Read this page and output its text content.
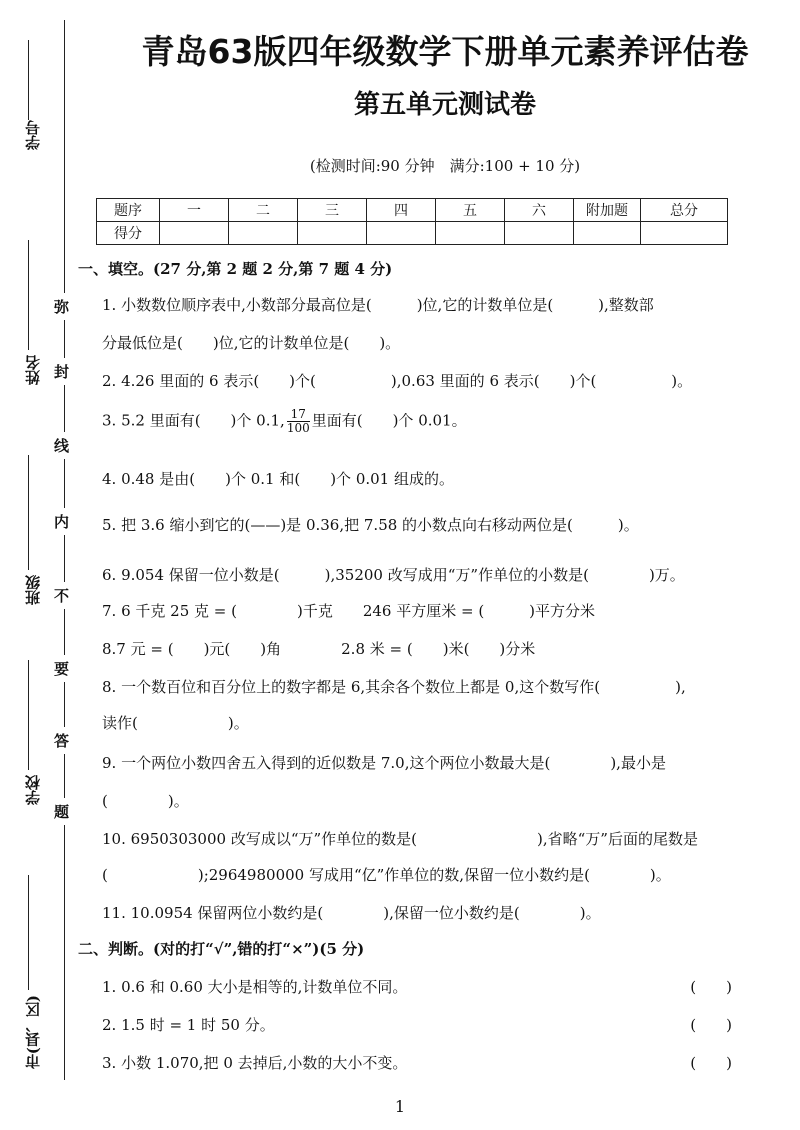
学号
姓名
班级
学校
市(县、区)
弥
封
线
内
不
要
答
题
青岛63版四年级数学下册单元素养评估卷
第五单元测试卷
(检测时间:90 分钟　满分:100 + 10 分)
题序	一	二	三	四	五	六	附加题	总分
得分								
一、填空。(27 分,第 2 题 2 分,第 7 题 4 分)
1. 小数数位顺序表中,小数部分最高位是(　　　)位,它的计数单位是(　　　),整数部
分最低位是(　　)位,它的计数单位是(　　)。
2. 4.26 里面的 6 表示(　　)个(　　　　　),0.63 里面的 6 表示(　　)个(　　　　　)。
3. 5.2 里面有(　　)个 0.1, $\frac{17}{100}$ 里面有(　　)个 0.01。
4. 0.48 是由(　　)个 0.1 和(　　)个 0.01 组成的。
5. 把 3.6 缩小到它的(——)是 0.36,把 7.58 的小数点向右移动两位是(　　　)。
6. 9.054 保留一位小数是(　　　),35200 改写成用“万”作单位的小数是(　　　　)万。
7. 6 千克 25 克 = (　　　　)千克　　246 平方厘米 = (　　　)平方分米
8.7 元 = (　　)元(　　)角　　　　2.8 米 = (　　)米(　　)分米
8. 一个数百位和百分位上的数字都是 6,其余各个数位上都是 0,这个数写作(　　　　　),
读作(　　　　　　)。
9. 一个两位小数四舍五入得到的近似数是 7.0,这个两位小数最大是(　　　　),最小是
(　　　　)。
10. 6950303000 改写成以“万”作单位的数是(　　　　　　　　),省略“万”后面的尾数是
(　　　　　　);2964980000 写成用“亿”作单位的数,保留一位小数约是(　　　　)。
11. 10.0954 保留两位小数约是(　　　　),保留一位小数约是(　　　　)。
二、判断。(对的打“√”,错的打“×”)(5 分)
1. 0.6 和 0.60 大小是相等的,计数单位不同。	(　　)
2. 1.5 时 = 1 时 50 分。	(　　)
3. 小数 1.070,把 0 去掉后,小数的大小不变。	(　　)
1
